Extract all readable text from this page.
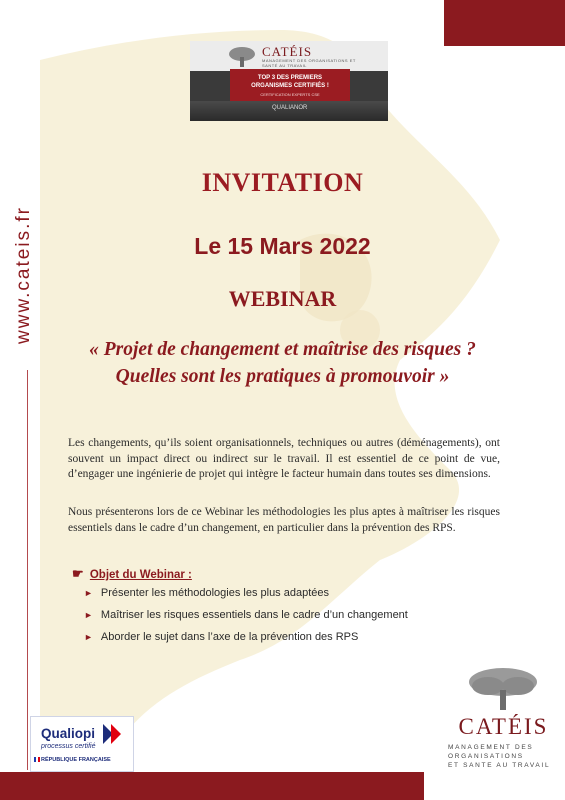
www.cateis.fr
CATÉIS
MANAGEMENT DES ORGANISATIONS ET SANTÉ AU TRAVAIL
TOP 3 DES PREMIERS
ORGANISMES CERTIFIÉS !
CERTIFICATION EXPERTS CSE
QUALIANOR
INVITATION
Le 15 Mars 2022
WEBINAR
« Projet de changement et maîtrise des risques ? Quelles sont les pratiques à promouvoir »
Les changements, qu’ils soient organisationnels, techniques ou autres (déménagements), ont souvent un impact direct ou indirect sur le travail. Il est essentiel de ce point de vue, d’engager une ingénierie de projet qui intègre le facteur humain dans toutes ses dimensions.
Nous présenterons lors de ce Webinar les méthodologies les plus aptes à maîtriser les risques essentiels dans le cadre d’un changement, en particulier dans la prévention des RPS.
☛ Objet du Webinar :
► Présenter les méthodologies les plus adaptées
► Maîtriser les risques essentiels dans le cadre d’un changement
► Aborder le sujet dans l’axe de la prévention des RPS
Qualiopi
processus certifié
RÉPUBLIQUE FRANÇAISE
CATÉIS
MANAGEMENT DES
ORGANISATIONS
ET SANTE AU TRAVAIL
